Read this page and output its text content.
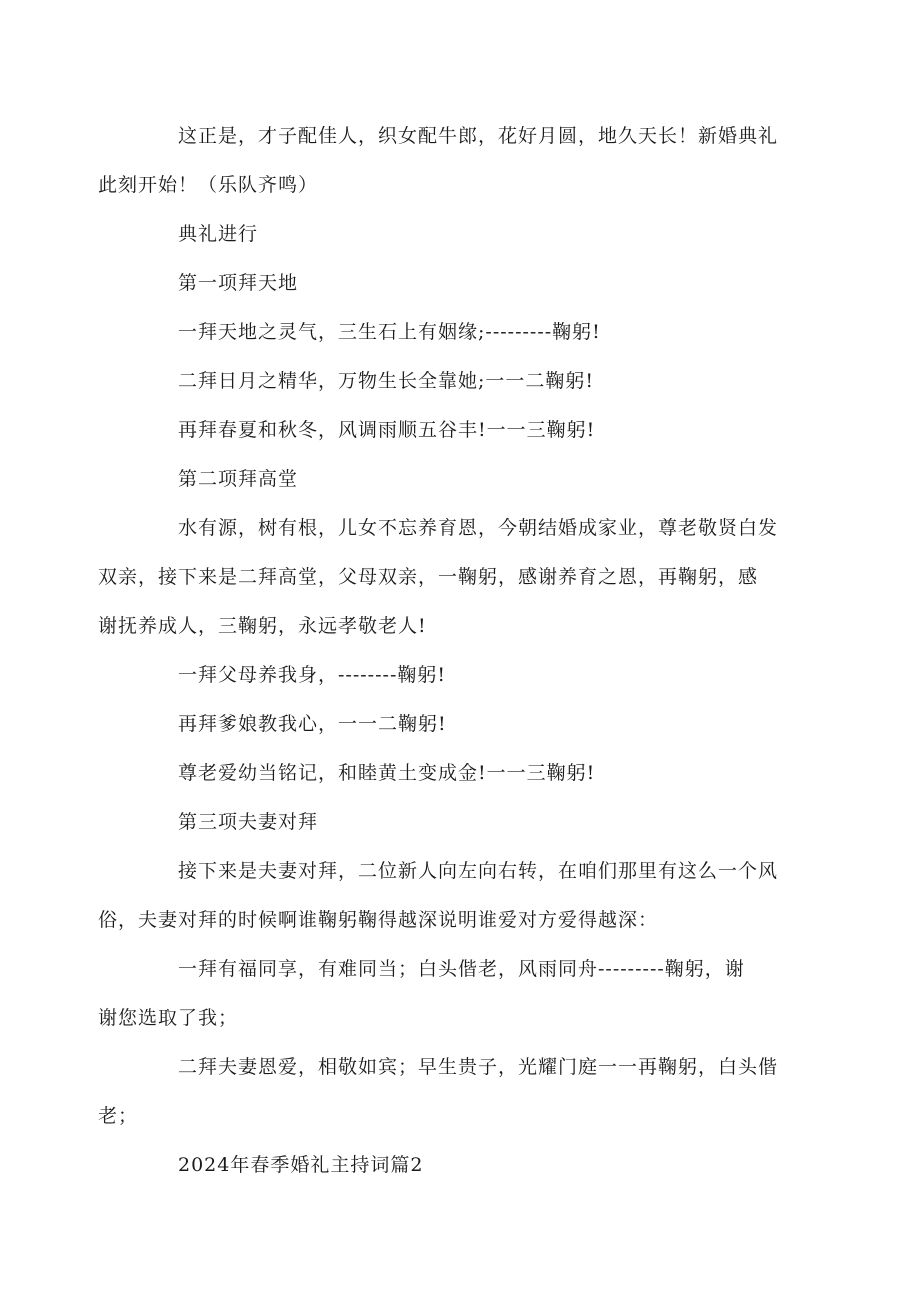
这正是，才子配佳人，织女配牛郎，花好月圆，地久天长！新婚典礼
此刻开始！（乐队齐鸣）

典礼进行

第一项拜天地

一拜天地之灵气，三生石上有姻缘;---------鞠躬!

二拜日月之精华，万物生长全靠她;一一二鞠躬!

再拜春夏和秋冬，风调雨顺五谷丰!一一三鞠躬!

第二项拜高堂

水有源，树有根，儿女不忘养育恩，今朝结婚成家业，尊老敬贤白发
双亲，接下来是二拜高堂，父母双亲，一鞠躬，感谢养育之恩，再鞠躬，感
谢抚养成人，三鞠躬，永远孝敬老人!

一拜父母养我身，--------鞠躬!

再拜爹娘教我心，一一二鞠躬!

尊老爱幼当铭记，和睦黄土变成金!一一三鞠躬!

第三项夫妻对拜

接下来是夫妻对拜，二位新人向左向右转，在咱们那里有这么一个风
俗，夫妻对拜的时候啊谁鞠躬鞠得越深说明谁爱对方爱得越深：

一拜有福同享，有难同当；白头偕老，风雨同舟---------鞠躬，谢
谢您选取了我；

二拜夫妻恩爱，相敬如宾；早生贵子，光耀门庭一一再鞠躬，白头偕
老；

2024年春季婚礼主持词篇2
